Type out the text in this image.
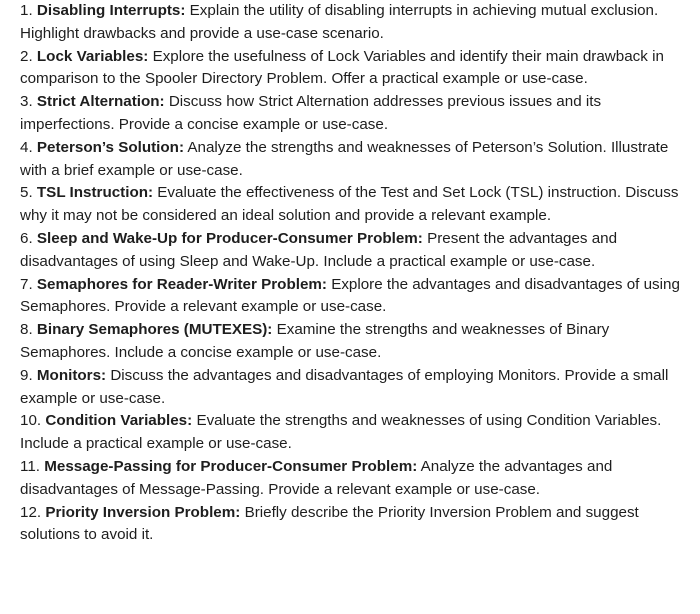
1. Disabling Interrupts: Explain the utility of disabling interrupts in achieving mutual exclusion. Highlight drawbacks and provide a use-case scenario.

2. Lock Variables: Explore the usefulness of Lock Variables and identify their main drawback in comparison to the Spooler Directory Problem. Offer a practical example or use-case.

3. Strict Alternation: Discuss how Strict Alternation addresses previous issues and its imperfections. Provide a concise example or use-case.

4. Peterson’s Solution: Analyze the strengths and weaknesses of Peterson’s Solution. Illustrate with a brief example or use-case.

5. TSL Instruction: Evaluate the effectiveness of the Test and Set Lock (TSL) instruction. Discuss why it may not be considered an ideal solution and provide a relevant example.

6. Sleep and Wake-Up for Producer-Consumer Problem: Present the advantages and disadvantages of using Sleep and Wake-Up. Include a practical example or use-case.

7. Semaphores for Reader-Writer Problem: Explore the advantages and disadvantages of using Semaphores. Provide a relevant example or use-case.

8. Binary Semaphores (MUTEXES): Examine the strengths and weaknesses of Binary Semaphores. Include a concise example or use-case.

9. Monitors: Discuss the advantages and disadvantages of employing Monitors. Provide a small example or use-case.

10. Condition Variables: Evaluate the strengths and weaknesses of using Condition Variables. Include a practical example or use-case.

11. Message-Passing for Producer-Consumer Problem: Analyze the advantages and disadvantages of Message-Passing. Provide a relevant example or use-case.

12. Priority Inversion Problem: Briefly describe the Priority Inversion Problem and suggest solutions to avoid it.
